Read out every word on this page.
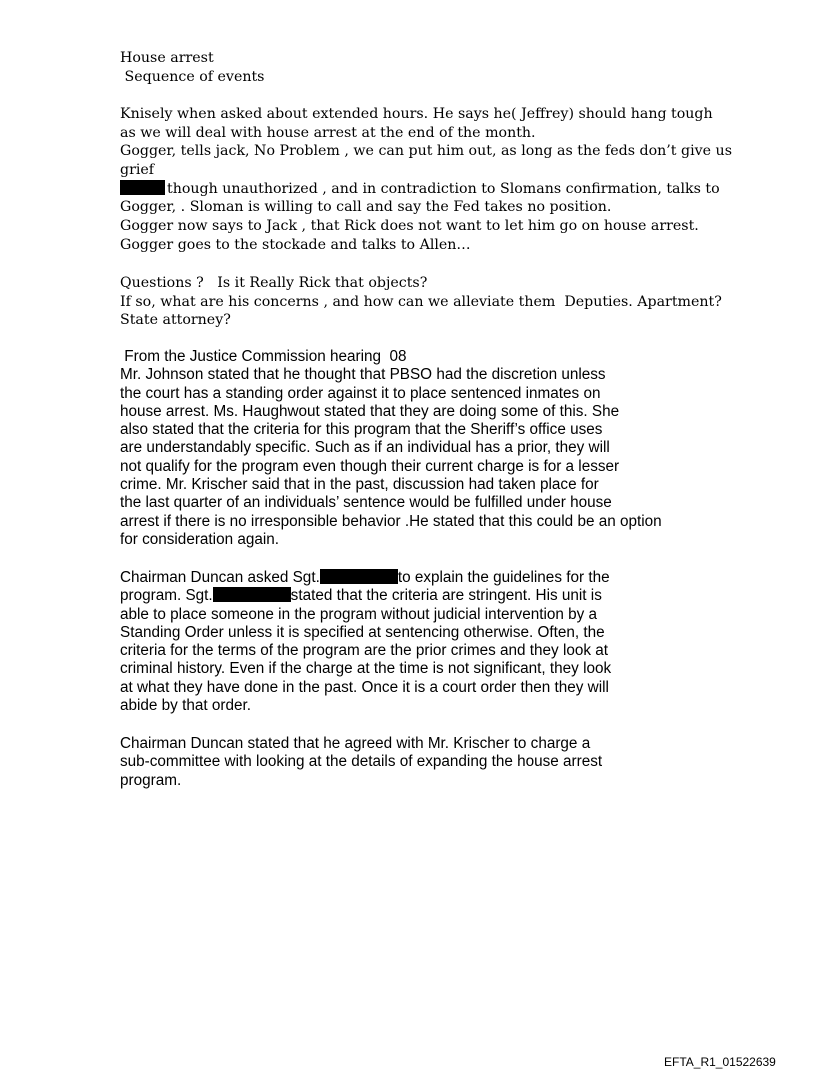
House arrest
Sequence of events
Knisely when asked about extended hours. He says he( Jeffrey) should hang tough
as we will deal with house arrest at the end of the month.
Gogger, tells jack, No Problem , we can put him out, as long as the feds don’t give us
grief
though unauthorized , and in contradiction to Slomans confirmation, talks to
Gogger, . Sloman is willing to call and say the Fed takes no position.
Gogger now says to Jack , that Rick does not want to let him go on house arrest.
Gogger goes to the stockade and talks to Allen…
Questions ?   Is it Really Rick that objects?
If so, what are his concerns , and how can we alleviate them  Deputies. Apartment?
State attorney?
From the Justice Commission hearing  08
Mr. Johnson stated that he thought that PBSO had the discretion unless
the court has a standing order against it to place sentenced inmates on
house arrest. Ms. Haughwout stated that they are doing some of this. She
also stated that the criteria for this program that the Sheriff’s office uses
are understandably specific. Such as if an individual has a prior, they will
not qualify for the program even though their current charge is for a lesser
crime. Mr. Krischer said that in the past, discussion had taken place for
the last quarter of an individuals’ sentence would be fulfilled under house
arrest if there is no irresponsible behavior .He stated that this could be an option
for consideration again.
Chairman Duncan asked Sgt.	to explain the guidelines for the
program. Sgt.	stated that the criteria are stringent. His unit is
able to place someone in the program without judicial intervention by a
Standing Order unless it is specified at sentencing otherwise. Often, the
criteria for the terms of the program are the prior crimes and they look at
criminal history. Even if the charge at the time is not significant, they look
at what they have done in the past. Once it is a court order then they will
abide by that order.
Chairman Duncan stated that he agreed with Mr. Krischer to charge a
sub-committee with looking at the details of expanding the house arrest
program.
EFTA_R1_01522639
